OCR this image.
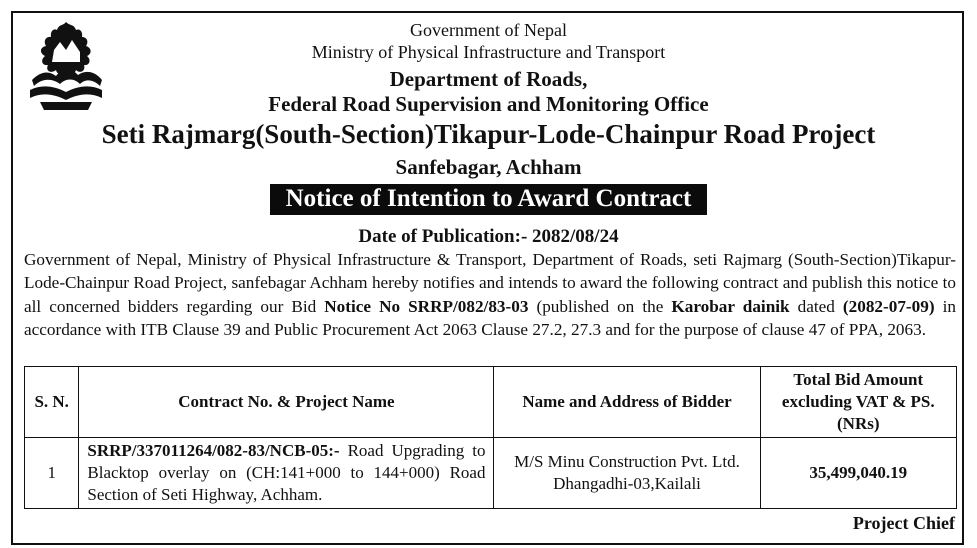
Government of Nepal
Ministry of Physical Infrastructure and Transport
Department of Roads,
Federal Road Supervision and Monitoring Office
Seti Rajmarg(South-Section)Tikapur-Lode-Chainpur Road Project
Sanfebagar, Achham
Notice of Intention to Award Contract
Date of Publication:- 2082/08/24
Government of Nepal, Ministry of Physical Infrastructure & Transport, Department of Roads, seti Rajmarg (South-Section)Tikapur-Lode-Chainpur Road Project, sanfebagar Achham hereby notifies and intends to award the following contract and publish this notice to all concerned bidders regarding our Bid Notice No SRRP/082/83-03 (published on the Karobar dainik dated (2082-07-09) in accordance with ITB Clause 39 and Public Procurement Act 2063 Clause 27.2, 27.3 and for the purpose of clause 47 of PPA, 2063.
S. N.	Contract No. & Project Name	Name and Address of Bidder	Total Bid Amount excluding VAT & PS. (NRs)
1	SRRP/337011264/082-83/NCB-05:- Road Upgrading to Blacktop overlay on (CH:141+000 to 144+000) Road Section of Seti Highway, Achham.	M/S Minu Construction Pvt. Ltd. Dhangadhi-03,Kailali	35,499,040.19
Project Chief
